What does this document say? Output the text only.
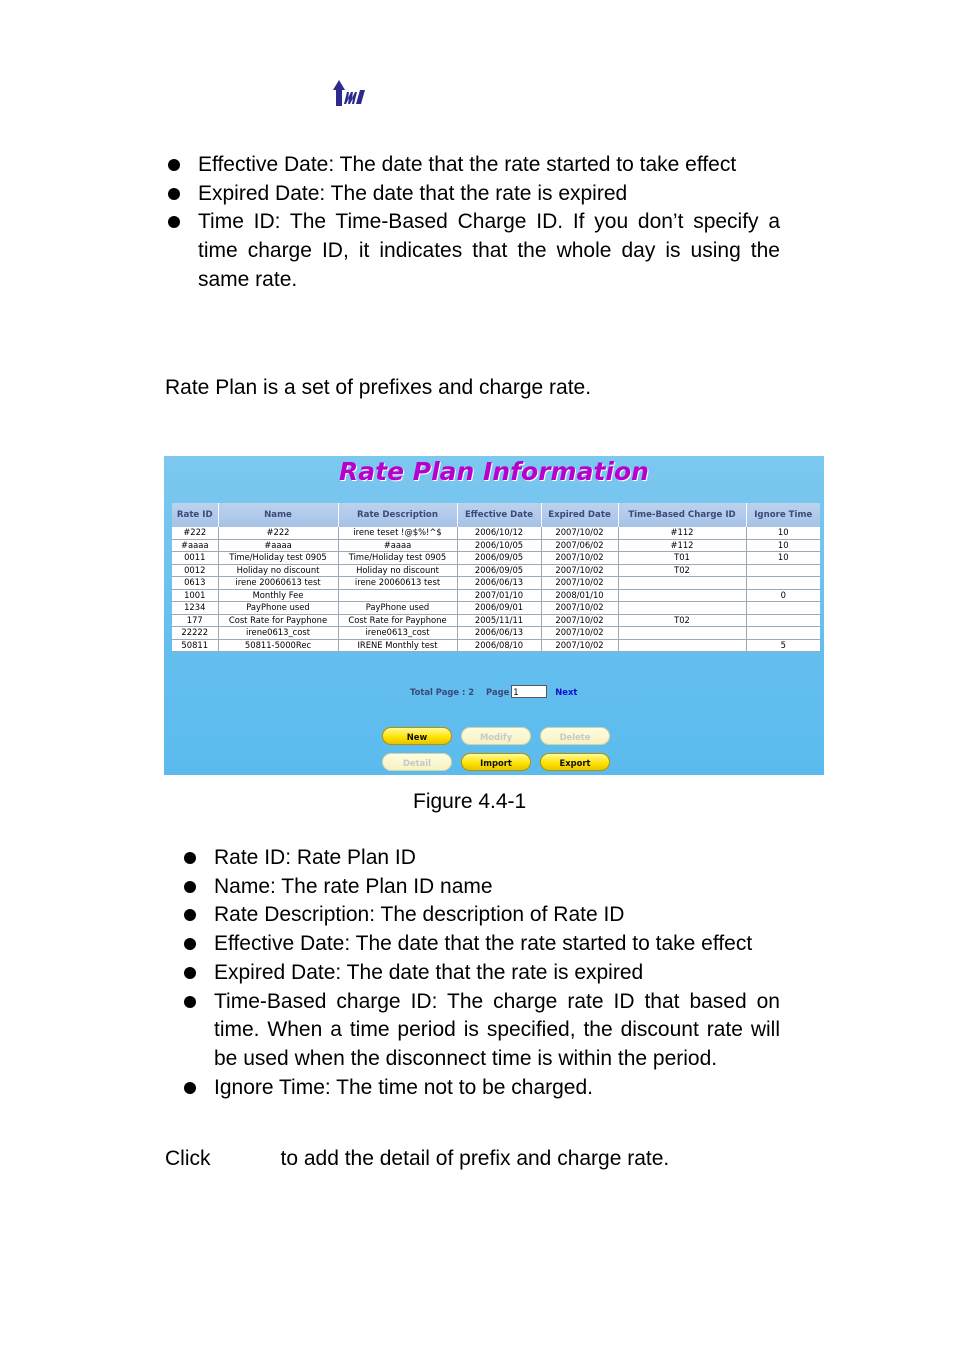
Effective Date: The date that the rate started to take effect
Expired Date: The date that the rate is expired
Time ID: The Time-Based Charge ID. If you don’t specify a time charge ID, it indicates that the whole day is using the same rate.

Rate Plan is a set of prefixes and charge rate.

Rate Plan Information
Rate ID	Name	Rate Description	Effective Date	Expired Date	Time-Based Charge ID	Ignore Time
#222	#222	irene teset !@$%!^$	2006/10/12	2007/10/02	#112	10
#aaaa	#aaaa	#aaaa	2006/10/05	2007/06/02	#112	10
0011	Time/Holiday test 0905	Time/Holiday test 0905	2006/09/05	2007/10/02	T01	10
0012	Holiday no discount	Holiday no discount	2006/09/05	2007/10/02	T02	
0613	irene 20060613 test	irene 20060613 test	2006/06/13	2007/10/02		
1001	Monthly Fee		2007/01/10	2008/01/10		0
1234	PayPhone used	PayPhone used	2006/09/01	2007/10/02		
177	Cost Rate for Payphone	Cost Rate for Payphone	2005/11/11	2007/10/02	T02	
22222	irene0613_cost	irene0613_cost	2006/06/13	2007/10/02		
50811	50811-5000Rec	IRENE Monthly test	2006/08/10	2007/10/02		5
Total Page : 2 Page
1	Next
New	Modify	Delete
Detail	Import	Export

Figure 4.4-1

Rate ID: Rate Plan ID
Name: The rate Plan ID name
Rate Description: The description of Rate ID
Effective Date: The date that the rate started to take effect
Expired Date: The date that the rate is expired
Time-Based charge ID: The charge rate ID that based on time. When a time period is specified, the discount rate will be used when the disconnect time is within the period.
Ignore Time: The time not to be charged.

Click	to add the detail of prefix and charge rate.
